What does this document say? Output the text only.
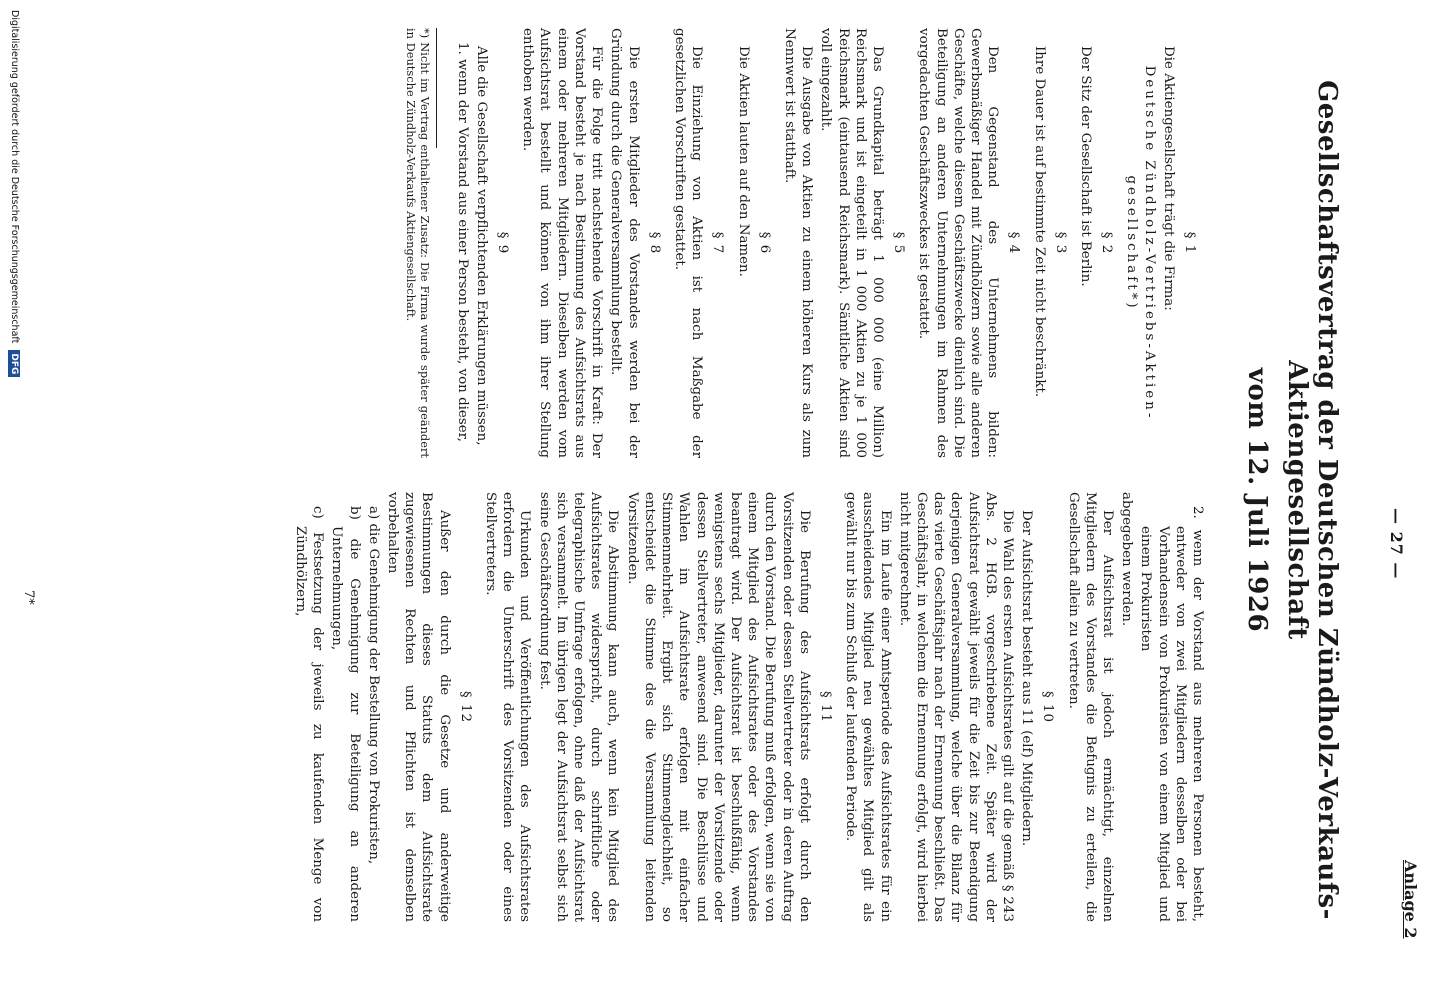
— 27 —
Anlage 2
Gesellschaftsvertrag der Deutschen Zündholz-Verkaufs-Aktiengesellschaft
vom 12. Juli 1926
§ 1
Die Aktiengesellschaft trägt die Firma:
Deutsche Zündholz-Vertriebs-Aktien-
gesellschaft*)
§ 2
Der Sitz der Gesellschaft ist Berlin.
§ 3
Ihre Dauer ist auf bestimmte Zeit nicht beschränkt.
§ 4
Den Gegenstand des Unternehmens bilden: Gewerbsmäßiger Handel mit Zündhölzern sowie alle anderen Geschäfte, welche diesem Geschäftszwecke dienlich sind. Die Beteiligung an anderen Unternehmungen im Rahmen des vorgedachten Geschäftszweckes ist gestattet.
§ 5
Das Grundkapital beträgt 1 000 000 (eine Million) Reichsmark und ist eingeteilt in 1 000 Aktien zu je 1 000 Reichsmark (eintausend Reichsmark). Sämtliche Aktien sind voll eingezahlt.
Die Ausgabe von Aktien zu einem höheren Kurs als zum Nennwert ist statthaft.
§ 6
Die Aktien lauten auf den Namen.
§ 7
Die Einziehung von Aktien ist nach Maßgabe der gesetzlichen Vorschriften gestattet.
§ 8
Die ersten Mitglieder des Vorstandes werden bei der Gründung durch die Generalversammlung bestellt.
Für die Folge tritt nachstehende Vorschrift in Kraft: Der Vorstand besteht je nach Bestimmung des Aufsichtsrats aus einem oder mehreren Mitgliedern. Dieselben werden vom Aufsichtsrat bestellt und können von ihm ihrer Stellung enthoben werden.
§ 9
Alle die Gesellschaft verpflichtenden Erklärungen müssen,
1. wenn der Vorstand aus einer Person besteht, von dieser,
*) Nicht im Vertrag enthaltener Zusatz: Die Firma wurde später geändert in Deutsche Zündholz-Verkaufs Aktiengesellschaft.
2. wenn der Vorstand aus mehreren Personen besteht, entweder von zwei Mitgliedern desselben oder bei Vorhandensein von Prokuristen von einem Mitglied und einem Prokuristen
abgegeben werden.
Der Aufsichtsrat ist jedoch ermächtigt, einzelnen Mitgliedern des Vorstandes die Befugnis zu erteilen, die Gesellschaft allein zu vertreten.
§ 10
Der Aufsichtsrat besteht aus 11 (elf) Mitgliedern.
Die Wahl des ersten Aufsichtsrates gilt auf die gemäß § 243 Abs. 2 HGB. vorgeschriebene Zeit. Später wird der Aufsichtsrat gewählt jeweils für die Zeit bis zur Beendigung derjenigen Generalversammlung, welche über die Bilanz für das vierte Geschäftsjahr nach der Ernennung beschließt. Das Geschäftsjahr, in welchem die Ernennung erfolgt, wird hierbei nicht mitgerechnet.
Ein im Laufe einer Amtsperiode des Aufsichtsrates für ein ausscheidendes Mitglied neu gewähltes Mitglied gilt als gewählt nur bis zum Schluß der laufenden Periode.
§ 11
Die Berufung des Aufsichtsrats erfolgt durch den Vorsitzenden oder dessen Stellvertreter oder in deren Auftrag durch den Vorstand. Die Berufung muß erfolgen, wenn sie von einem Mitglied des Aufsichtsrates oder des Vorstandes beantragt wird. Der Aufsichtsrat ist beschlußfähig, wenn wenigstens sechs Mitglieder, darunter der Vorsitzende oder dessen Stellvertreter, anwesend sind. Die Beschlüsse und Wahlen im Aufsichtsrate erfolgen mit einfacher Stimmenmehrheit. Ergibt sich Stimmengleichheit, so entscheidet die Stimme des die Versammlung leitenden Vorsitzenden.
Die Abstimmung kann auch, wenn kein Mitglied des Aufsichtsrates widerspricht, durch schriftliche oder telegraphische Umfrage erfolgen, ohne daß der Aufsichtsrat sich versammelt. Im übrigen legt der Aufsichtsrat selbst sich seine Geschäftsordnung fest.
Urkunden und Veröffentlichungen des Aufsichtsrates erfordern die Unterschrift des Vorsitzenden oder eines Stellvertreters.
§ 12
Außer den durch die Gesetze und anderweitige Bestimmungen dieses Statuts dem Aufsichtsrate zugewiesenen Rechten und Pflichten ist demselben vorbehalten
a) die Genehmigung der Bestellung von Prokuristen,
b) die Genehmigung zur Beteiligung an anderen Unternehmungen,
c) Festsetzung der jeweils zu kaufenden Menge von Zündhölzern,
7*
Digitalisierung gefördert durch die Deutsche Forschungsgemeinschaft DFG
